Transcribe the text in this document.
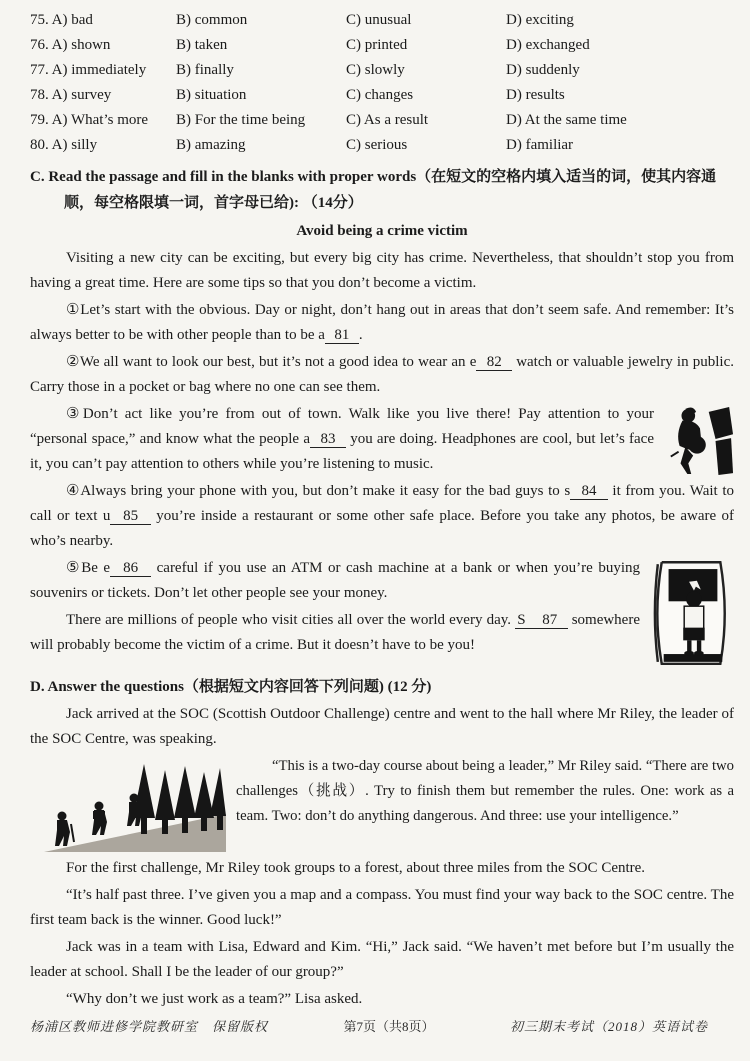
75. A) bad	B) common	C) unusual	D) exciting
76. A) shown	B) taken	C) printed	D) exchanged
77. A) immediately	B) finally	C) slowly	D) suddenly
78. A) survey	B) situation	C) changes	D) results
79. A) What’s more	B) For the time being	C) As a result	D) At the same time
80. A) silly	B) amazing	C) serious	D) familiar
C. Read the passage and fill in the blanks with proper words（在短文的空格内填入适当的词，使其内容通顺，每空格限填一词，首字母已给): （14分）
Avoid being a crime victim

Visiting a new city can be exciting, but every big city has crime. Nevertheless, that shouldn’t stop you from having a great time. Here are some tips so that you don’t become a victim.

①Let’s start with the obvious. Day or night, don’t hang out in areas that don’t seem safe. And remember: It’s always better to be with other people than to be a  81  .

②We all want to look our best, but it’s not a good idea to wear an e  82   watch or valuable jewelry in public. Carry those in a pocket or bag where no one can see them.

③Don’t act like you’re from out of town. Walk like you live there! Pay attention to your “personal space,” and know what the people a  83   you are doing. Headphones are cool, but let’s face it, you can’t pay attention to others while you’re listening to music.

④Always bring your phone with you, but don’t make it easy for the bad guys to s  84   it from you. Wait to call or text u  85   you’re inside a restaurant or some other safe place. Before you take any photos, be aware of who’s nearby.

⑤Be e  86   careful if you use an ATM or cash machine at a bank or when you’re buying souvenirs or tickets. Don’t let other people see your money.

There are millions of people who visit cities all over the world every day. S    87   somewhere will probably become the victim of a crime. But it doesn’t have to be you!

D. Answer the questions（根据短文内容回答下列问题) (12 分)

Jack arrived at the SOC (Scottish Outdoor Challenge) centre and went to the hall where Mr Riley, the leader of the SOC Centre, was speaking.

“This is a two-day course about being a leader,” Mr Riley said. “There are two challenges（挑战）. Try to finish them but remember the rules. One: work as a team. Two: don’t do anything dangerous. And three: use your intelligence.”

For the first challenge, Mr Riley took groups to a forest, about three miles from the SOC Centre.

“It’s half past three. I’ve given you a map and a compass. You must find your way back to the SOC centre. The first team back is the winner. Good luck!”

Jack was in a team with Lisa, Edward and Kim. “Hi,” Jack said. “We haven’t met before but I’m usually the leader at school. Shall I be the leader of our group?”

“Why don’t we just work as a team?” Lisa asked.

杨浦区教师进修学院教研室　保留版权	第7页（共8页）	初三期末考试（2018）英语试卷
